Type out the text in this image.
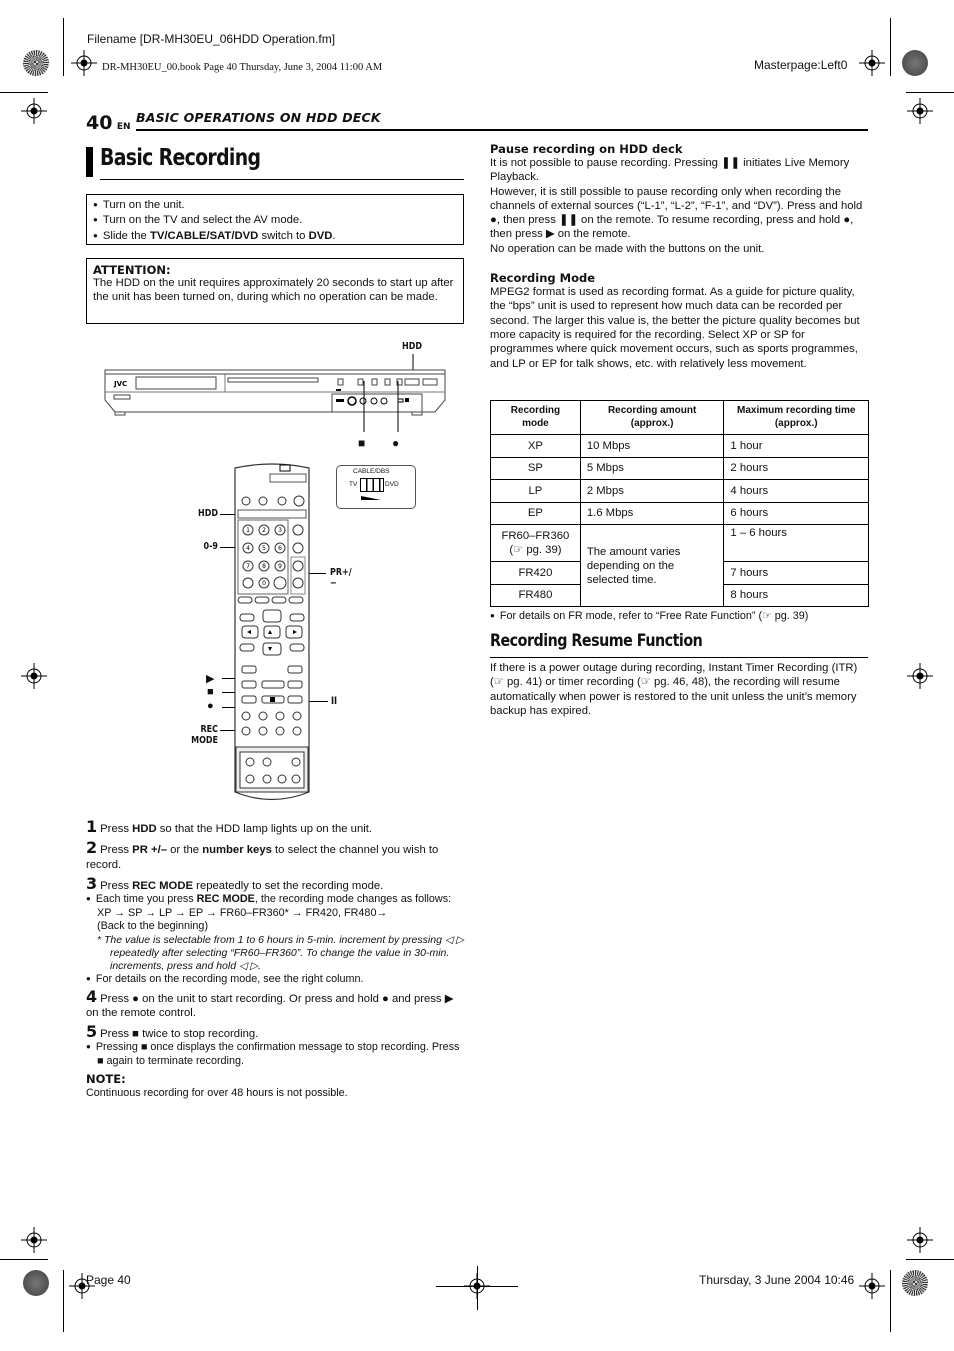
Filename [DR-MH30EU_06HDD Operation.fm]
DR-MH30EU_00.book Page 40 Thursday, June 3, 2004 11:00 AM	Masterpage:Left0
Page 40	Thursday, 3 June 2004 10:46
40 EN
BASIC OPERATIONS ON HDD DECK
Basic Recording
● Turn on the unit.
● Turn on the TV and select the AV mode.
● Slide the TV/CABLE/SAT/DVD switch to DVD.
ATTENTION:
The HDD on the unit requires approximately 20 seconds to start up after the unit has been turned on, during which no operation can be made.
HDD
JVC
■ ●
HDD
0-9
PR+/−
▶
■
●	II
REC MODE
1 2 3
4 5 6
7 8 9
0
CABLE/DBS
TV	DVD
1 Press HDD so that the HDD lamp lights up on the unit.
2 Press PR +/– or the number keys to select the channel you wish to record.
3 Press REC MODE repeatedly to set the recording mode.
● Each time you press REC MODE, the recording mode changes as follows:
XP → SP → LP → EP → FR60–FR360* → FR420, FR480→
(Back to the beginning)
* The value is selectable from 1 to 6 hours in 5-min. increment by pressing ◁ ▷ repeatedly after selecting “FR60–FR360”. To change the value in 30-min. increments, press and hold ◁ ▷.
● For details on the recording mode, see the right column.
4 Press ● on the unit to start recording. Or press and hold ● and press ▶ on the remote control.
5 Press ■ twice to stop recording.
● Pressing ■ once displays the confirmation message to stop recording. Press ■ again to terminate recording.
NOTE:
Continuous recording for over 48 hours is not possible.
Pause recording on HDD deck
It is not possible to pause recording. Pressing ❚❚ initiates Live Memory Playback.
However, it is still possible to pause recording only when recording the channels of external sources (“L-1”, “L-2”, “F-1”, and “DV”). Press and hold ●, then press ❚❚ on the remote. To resume recording, press and hold ●, then press ▶ on the remote.
No operation can be made with the buttons on the unit.
Recording Mode
MPEG2 format is used as recording format. As a guide for picture quality, the “bps” unit is used to represent how much data can be recorded per second. The larger this value is, the better the picture quality becomes but more capacity is required for the recording. Select XP or SP for programmes where quick movement occurs, such as sports programmes, and LP or EP for talk shows, etc. with relatively less movement.
Recording mode	Recording amount (approx.)	Maximum recording time (approx.)
XP	10 Mbps	1 hour
SP	5 Mbps	2 hours
LP	2 Mbps	4 hours
EP	1.6 Mbps	6 hours

FR60–FR360
(☞ pg. 39)	The amount varies depending on the selected time.	1 – 6 hours
FR420		7 hours
FR480		8 hours
● For details on FR mode, refer to “Free Rate Function” (☞ pg. 39)
Recording Resume Function
If there is a power outage during recording, Instant Timer Recording (ITR) (☞ pg. 41) or timer recording (☞ pg. 46, 48), the recording will resume automatically when power is restored to the unit unless the unit’s memory backup has expired.
